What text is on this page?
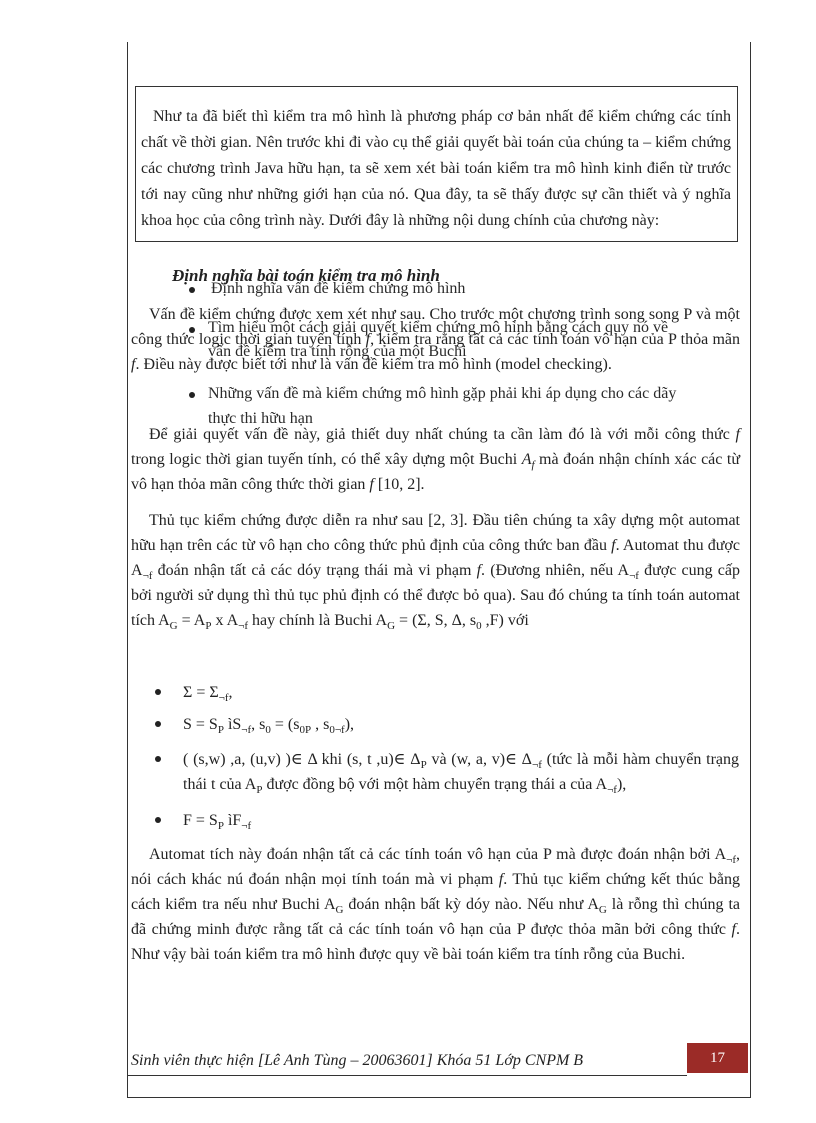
Như ta đã biết thì kiểm tra mô hình là phương pháp cơ bản nhất để kiểm chứng các tính chất về thời gian. Nên trước khi đi vào cụ thể giải quyết bài toán của chúng ta – kiểm chứng các chương trình Java hữu hạn, ta sẽ xem xét bài toán kiểm tra mô hình kinh điển từ trước tới nay cũng như những giới hạn của nó. Qua đây, ta sẽ thấy được sự cần thiết và ý nghĩa khoa học của công trình này. Dưới đây là những nội dung chính của chương này:

Định nghĩa vấn đề kiểm chứng mô hình
Tìm hiểu một cách giải quyết kiểm chứng mô hình bằng cách quy nó về
vấn đề kiểm tra tính rỗng của một Buchi
Những vấn đề mà kiểm chứng mô hình gặp phải khi áp dụng cho các dãy
thực thi hữu hạn
Định nghĩa bài toán kiểm tra mô hình

Vấn đề kiểm chứng được xem xét như sau. Cho trước một chương trình song song P và một công thức logic thời gian tuyến tính f, kiểm tra rằng tất cả các tính toán vô hạn của P thỏa mãn f. Điều này được biết tới như là vấn đề kiểm tra mô hình (model checking).

Để giải quyết vấn đề này, giả thiết duy nhất chúng ta cần làm đó là với mỗi công thức f trong logic thời gian tuyến tính, có thể xây dựng một Buchi $A_f$ mà đoán nhận chính xác các từ vô hạn thỏa mãn công thức thời gian f [10, 2].

Thủ tục kiểm chứng được diễn ra như sau [2, 3]. Đầu tiên chúng ta xây dựng một automat hữu hạn trên các từ vô hạn cho công thức phủ định của công thức ban đầu f. Automat thu được $A_{\neg f}$ đoán nhận tất cả các dóy trạng thái mà vi phạm f. (Đương nhiên, nếu $A_{\neg f}$ được cung cấp bởi người sử dụng thì thủ tục phủ định có thể được bỏ qua). Sau đó chúng ta tính toán automat tích $A_G = A_P$ x $A_{\neg f}$ hay chính là Buchi $A_G = (\Sigma$, S, Δ, $s_0$ ,F) với

$\Sigma = \Sigma_{\neg f}$,
$S = S_P$ $ìS_{\neg f}$, $s_0 = (s_{0P}$ , $s_{0\neg f}$),
( (s,w) ,a, (u,v) )∈ Δ khi (s, t ,u)∈ $\Delta_P$ và (w, a, v)∈ $\Delta_{\neg f}$ (tức là mỗi hàm chuyển trạng thái t của $A_P$ được đồng bộ với một hàm chuyển trạng thái a của $A_{\neg f}$),
$F = S_P$ $ìF_{\neg f}$

Automat tích này đoán nhận tất cả các tính toán vô hạn của P mà được đoán nhận bởi $A_{\neg f}$, nói cách khác nú đoán nhận mọi tính toán mà vi phạm f. Thủ tục kiểm chứng kết thúc bằng cách kiểm tra nếu như Buchi $A_G$ đoán nhận bất kỳ dóy nào. Nếu như $A_G$ là rỗng thì chúng ta đã chứng minh được rằng tất cả các tính toán vô hạn của P được thỏa mãn bởi công thức f. Như vậy bài toán kiểm tra mô hình được quy về bài toán kiểm tra tính rỗng của Buchi.

Sinh viên thực hiện [Lê Anh Tùng – 20063601] Khóa 51 Lớp CNPM B	17
